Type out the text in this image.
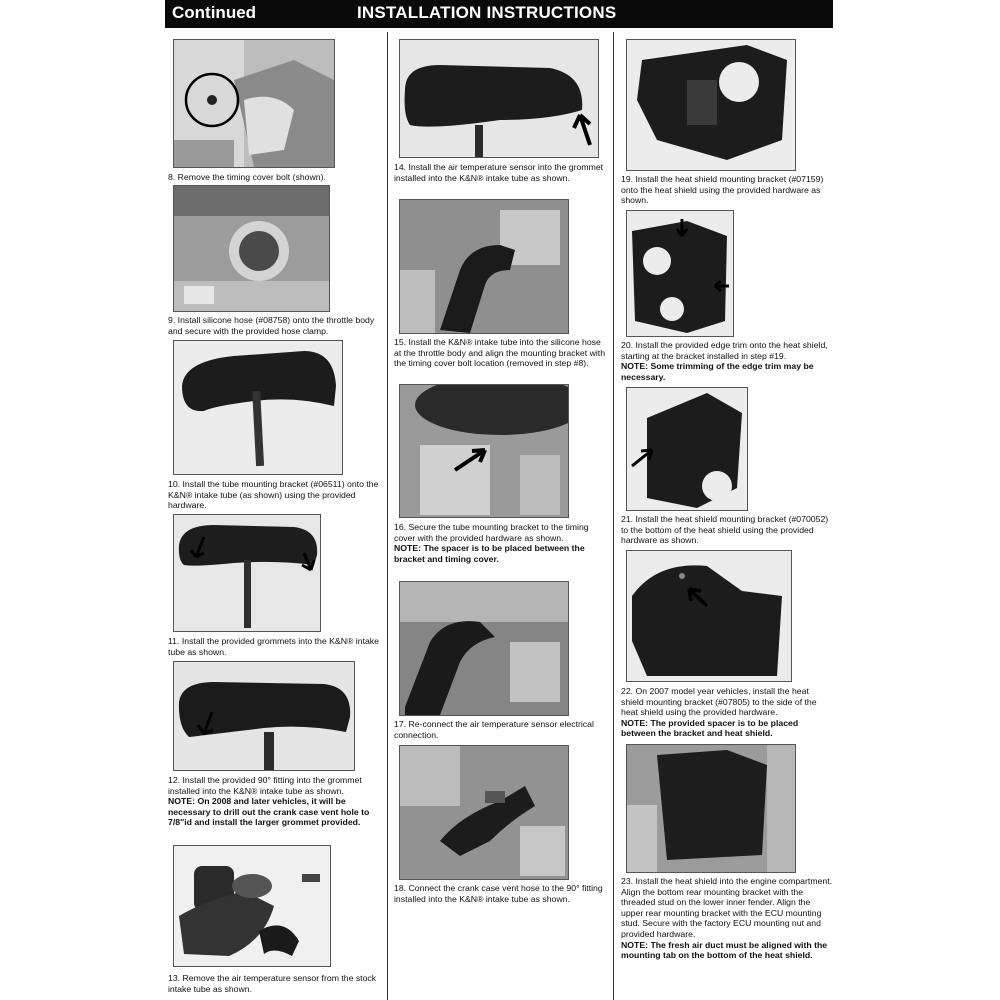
Continued	INSTALLATION INSTRUCTIONS
8. Remove the timing cover bolt (shown).
9. Install silicone hose (#08758) onto the throttle body and secure with the provided hose clamp.
10. Install the tube mounting bracket (#06511) onto the K&N® intake tube (as shown) using the provided hardware.
11. Install the provided grommets into the K&N® intake tube as shown.
12. Install the provided 90° fitting into the grommet installed into the K&N® intake tube as shown.
NOTE: On 2008 and later vehicles, it will be necessary to drill out the crank case vent hole to 7/8"id and install the larger grommet provided.
13. Remove the air temperature sensor from the stock intake tube as shown.
14. Install the air temperature sensor into the grommet installed into the K&N® intake tube as shown.
15. Install the K&N® intake tube into the silicone hose at the throttle body and align the mounting bracket with the timing cover bolt location (removed in step #8).
16. Secure the tube mounting bracket to the timing cover with the provided hardware as shown.
NOTE: The spacer is to be placed between the bracket and timing cover.
17. Re-connect the air temperature sensor electrical connection.
18. Connect the crank case vent hose to the 90° fitting installed into the K&N® intake tube as shown.
19. Install the heat shield mounting bracket (#07159) onto the heat shield using the provided hardware as shown.
20. Install the provided edge trim onto the heat shield, starting at the bracket installed in step #19.
NOTE: Some trimming of the edge trim may be necessary.
21. Install the heat shield mounting bracket (#070052) to the bottom of the heat shield using the provided hardware as shown.
22. On 2007 model year vehicles, install the heat shield mounting bracket (#07805) to the side of the heat shield using the provided hardware.
NOTE: The provided spacer is to be placed between the bracket and heat shield.
23. Install the heat shield into the engine compartment. Align the bottom rear mounting bracket with the threaded stud on the lower inner fender. Align the upper rear mounting bracket with the ECU mounting stud. Secure with the factory ECU mounting nut and provided hardware.
NOTE: The fresh air duct must be aligned with the mounting tab on the bottom of the heat shield.
